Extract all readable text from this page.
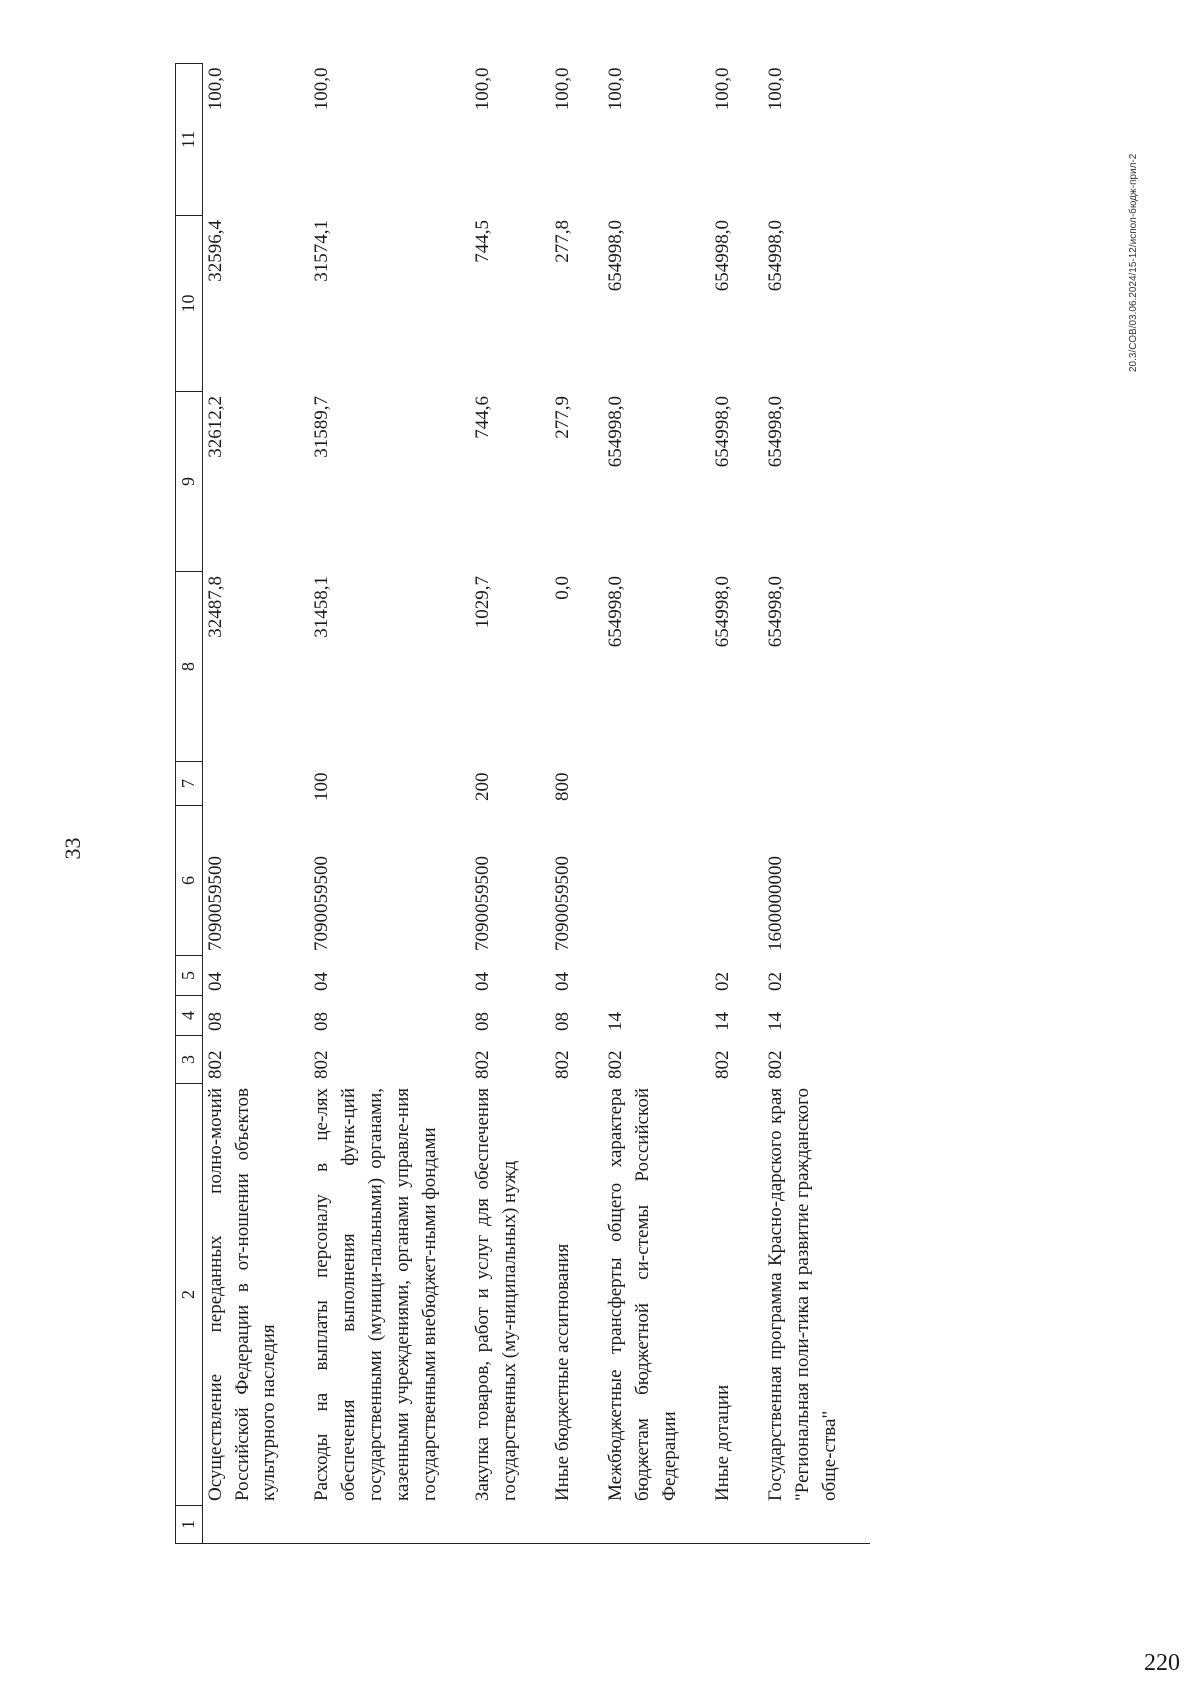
33
1	2	3	4	5	6	7	8	9	10	11
	Осуществление переданных полно-мочий Российской Федерации в от-ношении объектов культурного наследия	802	08	04	7090059500		32487,8	32612,2	32596,4	100,0
	Расходы на выплаты персоналу в це-лях обеспечения выполнения функ-ций государственными (муници-пальными) органами, казенными учреждениями, органами управле-ния государственными внебюджет-ными фондами	802	08	04	7090059500	100	31458,1	31589,7	31574,1	100,0
	Закупка товаров, работ и услуг для обеспечения государственных (му-ниципальных) нужд	802	08	04	7090059500	200	1029,7	744,6	744,5	100,0
	Иные бюджетные ассигнования	802	08	04	7090059500	800	0,0	277,9	277,8	100,0
	Межбюджетные трансферты общего характера бюджетам бюджетной си-стемы Российской Федерации	802	14				654998,0	654998,0	654998,0	100,0
	Иные дотации	802	14	02			654998,0	654998,0	654998,0	100,0
	Государственная программа Красно-дарского края "Региональная поли-тика и развитие гражданского обще-ства"	802	14	02	1600000000		654998,0	654998,0	654998,0	100,0
20.3/СОВ/03.06.2024/15-12/испол-бюдж-прил-2
220
